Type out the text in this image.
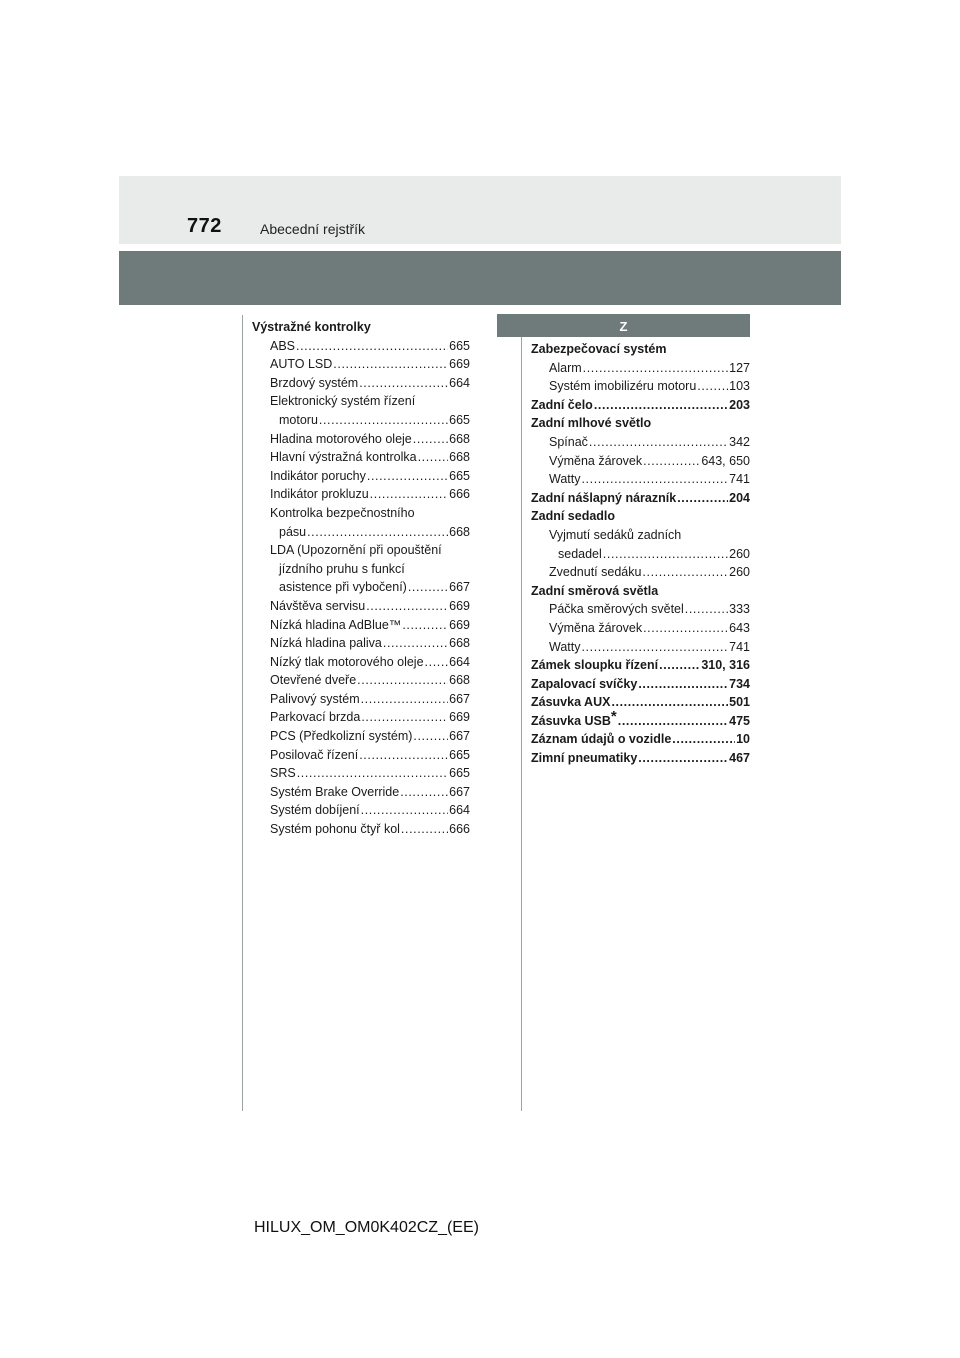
772	Abecední rejstřík
Z
Výstražné kontrolky
ABS .....	665
AUTO LSD .....	669
Brzdový systém .....	664
Elektronický systém řízení
motoru .....	665
Hladina motorového oleje .....	668
Hlavní výstražná kontrolka .....	668
Indikátor poruchy .....	665
Indikátor prokluzu .....	666
Kontrolka bezpečnostního
pásu .....	668
LDA (Upozornění při opouštění
jízdního pruhu s funkcí
asistence při vybočení) .....	667
Návštěva servisu .....	669
Nízká hladina AdBlue™ .....	669
Nízká hladina paliva .....	668
Nízký tlak motorového oleje ..... 664
Otevřené dveře .....	668
Palivový systém .....	667
Parkovací brzda .....	669
PCS (Předkolizní systém) .....	667
Posilovač řízení .....	665
SRS .....	665
Systém Brake Override .....	667
Systém dobíjení .....	664
Systém pohonu čtyř kol .....	666
Zabezpečovací systém
Alarm .....	127
Systém imobilizéru motoru .....	103
Zadní čelo .....	203
Zadní mlhové světlo
Spínač .....	342
Výměna žárovek .....	643, 650
Watty .....	741
Zadní nášlapný nárazník .....	204
Zadní sedadlo
Vyjmutí sedáků zadních
sedadel .....	260
Zvednutí sedáku .....	260
Zadní směrová světla
Páčka směrových světel .....	333
Výměna žárovek .....	643
Watty .....	741
Zámek sloupku řízení .....	310, 316
Zapalovací svíčky .....	734
Zásuvka AUX .....	501
Zásuvka USB* .....	475
Záznam údajů o vozidle .....	10
Zimní pneumatiky .....	467
HILUX_OM_OM0K402CZ_(EE)
